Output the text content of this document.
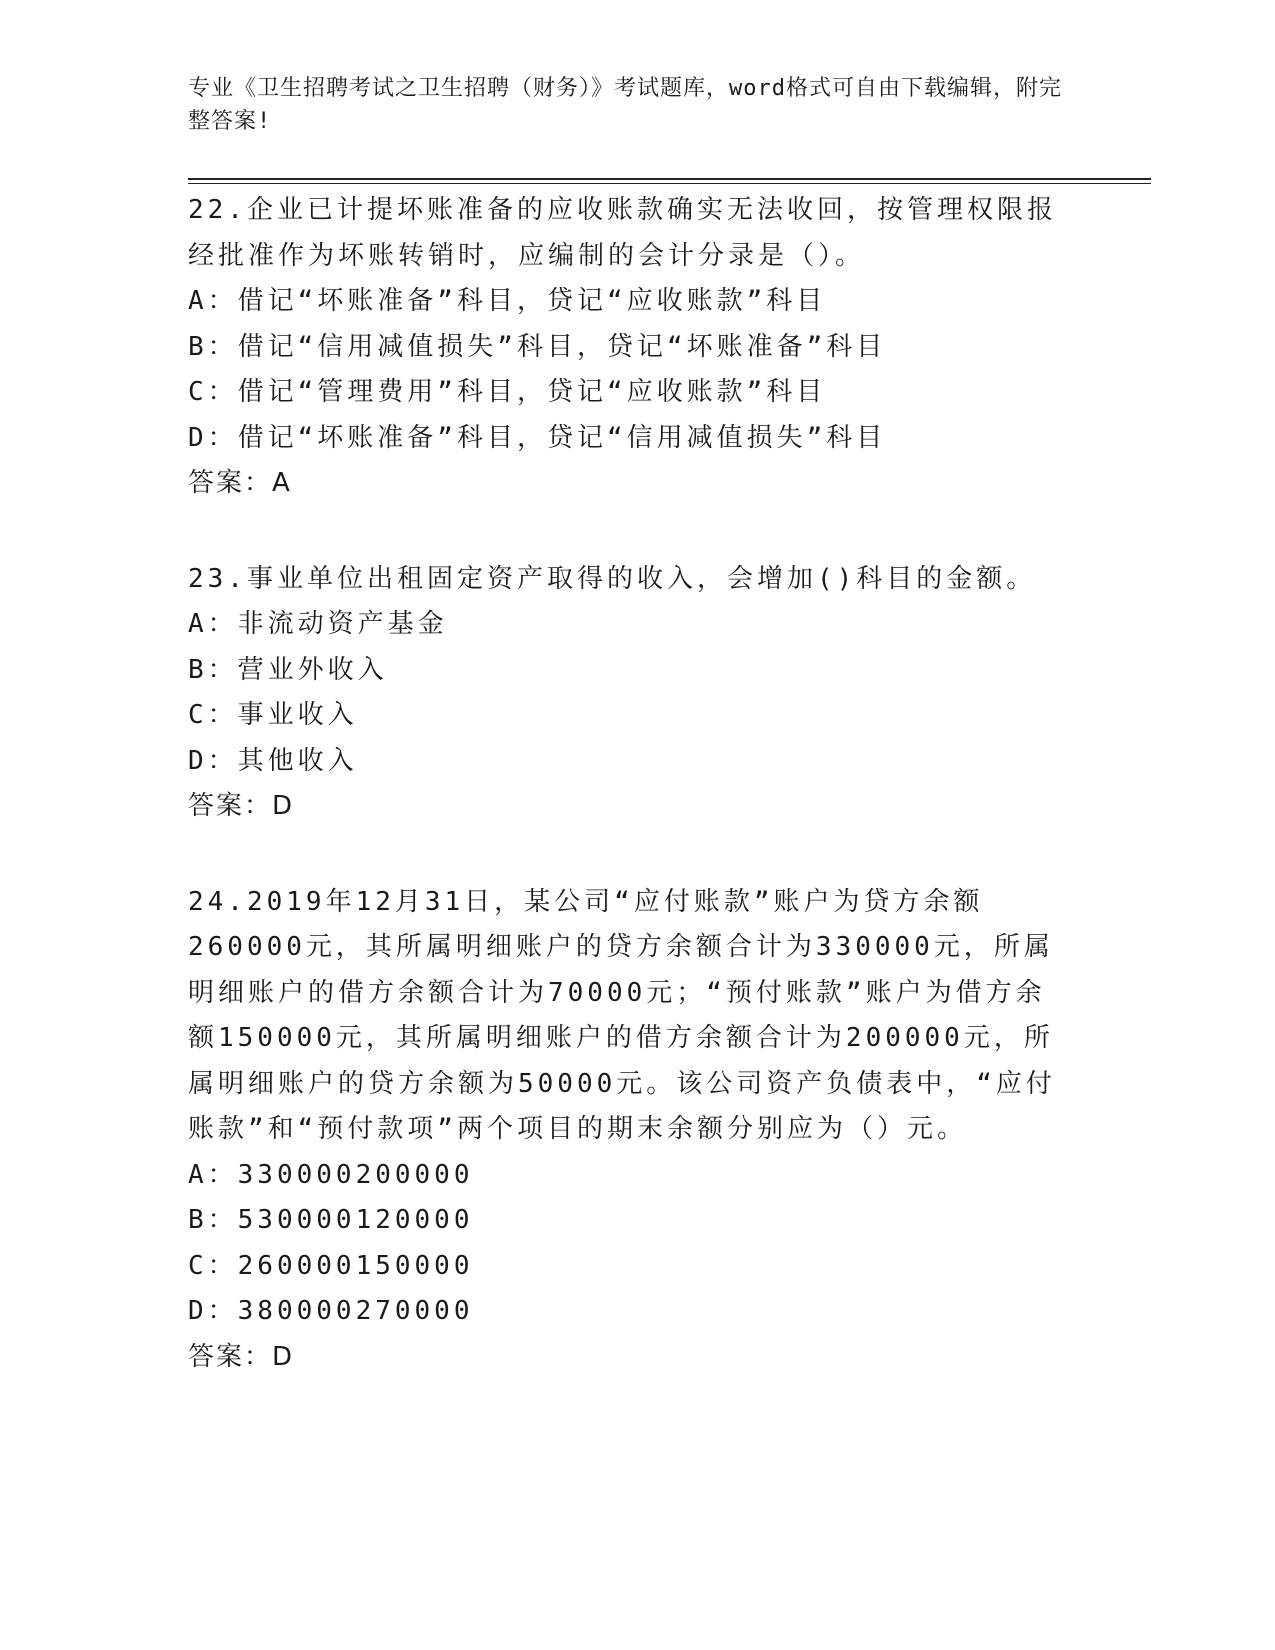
专业《卫生招聘考试之卫生招聘（财务）》考试题库，word格式可自由下载编辑，附完整答案!
22.企业已计提坏账准备的应收账款确实无法收回，按管理权限报经批准作为坏账转销时，应编制的会计分录是（）。
A：借记“坏账准备”科目，贷记“应收账款”科目
B：借记“信用减值损失”科目，贷记“坏账准备”科目
C：借记“管理费用”科目，贷记“应收账款”科目
D：借记“坏账准备”科目，贷记“信用减值损失”科目
答案：A
23.事业单位出租固定资产取得的收入，会增加()科目的金额。
A：非流动资产基金
B：营业外收入
C：事业收入
D：其他收入
答案：D
24.2019年12月31日，某公司“应付账款”账户为贷方余额260000元，其所属明细账户的贷方余额合计为330000元，所属明细账户的借方余额合计为70000元；“预付账款”账户为借方余额150000元，其所属明细账户的借方余额合计为200000元，所属明细账户的贷方余额为50000元。该公司资产负债表中，“应付账款”和“预付款项”两个项目的期末余额分别应为（）元。
A：330000200000
B：530000120000
C：260000150000
D：380000270000
答案：D
